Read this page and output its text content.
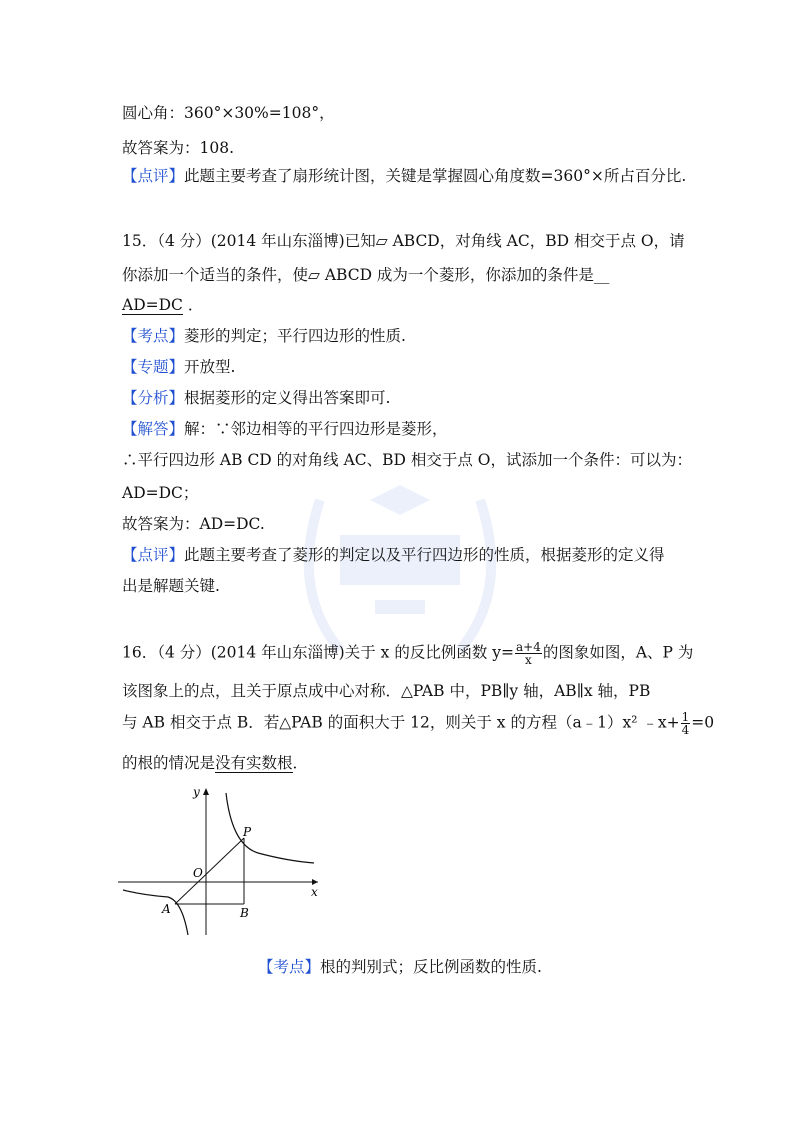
圆心角：360°×30%=108°，
故答案为：108.
【点评】此题主要考查了扇形统计图，关键是掌握圆心角度数=360°×所占百分比.
15．（4 分）(2014 年山东淄博)已知▱ ABCD，对角线 AC，BD 相交于点 O，请
你添加一个适当的条件，使▱ ABCD 成为一个菱形，你添加的条件是__
AD=DC ．
【考点】菱形的判定；平行四边形的性质.
【专题】开放型.
【分析】根据菱形的定义得出答案即可.
【解答】解：∵邻边相等的平行四边形是菱形，
∴平行四边形 AB CD 的对角线 AC、BD 相交于点 O，试添加一个条件：可以为：
AD=DC；
故答案为：AD=DC.
【点评】此题主要考查了菱形的判定以及平行四边形的性质，根据菱形的定义得
出是解题关键.
16．（4 分）(2014 年山东淄博)关于 x 的反比例函数 $y= \frac{a+4}{x}$ 的图象如图，A、P 为
该图象上的点，且关于原点成中心对称．△PAB 中，PB∥y 轴，AB∥x 轴，PB
与 AB 相交于点 B．若△PAB 的面积大于 12，则关于 x 的方程（a﹣1）x² ﹣x+ $\frac{1}{4} =0$
的根的情况是没有实数根．
y
x
O
P
A	B
【考点】根的判别式；反比例函数的性质.
